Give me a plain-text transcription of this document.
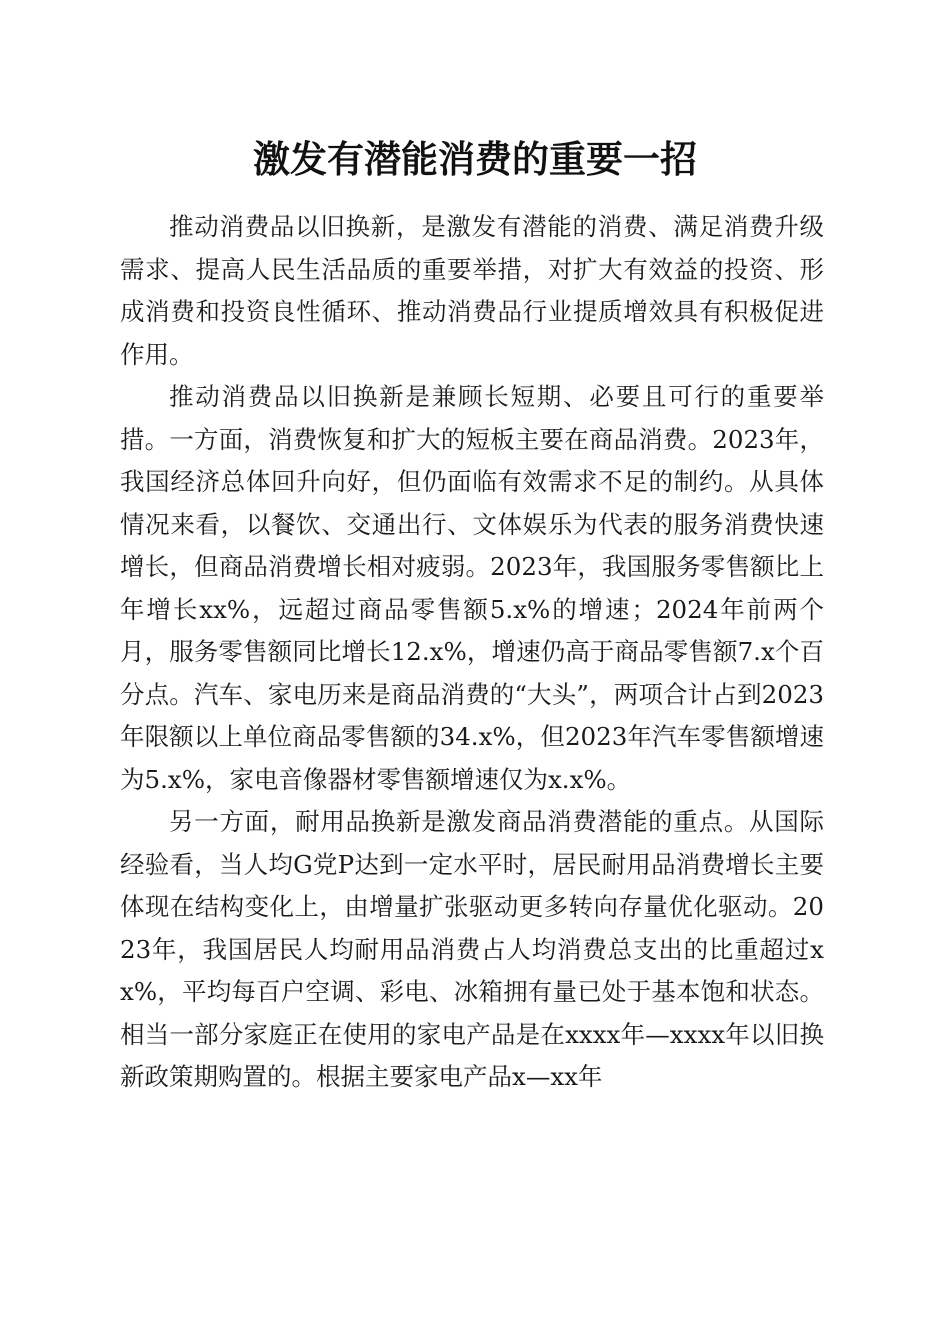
激发有潜能消费的重要一招

推动消费品以旧换新，是激发有潜能的消费、满足消费升级需求、提高人民生活品质的重要举措，对扩大有效益的投资、形成消费和投资良性循环、推动消费品行业提质增效具有积极促进作用。

推动消费品以旧换新是兼顾长短期、必要且可行的重要举措。一方面，消费恢复和扩大的短板主要在商品消费。2023年，我国经济总体回升向好，但仍面临有效需求不足的制约。从具体情况来看，以餐饮、交通出行、文体娱乐为代表的服务消费快速增长，但商品消费增长相对疲弱。2023年，我国服务零售额比上年增长xx%，远超过商品零售额5.x%的增速；2024年前两个月，服务零售额同比增长12.x%，增速仍高于商品零售额7.x个百分点。汽车、家电历来是商品消费的“大头”，两项合计占到2023年限额以上单位商品零售额的34.x%，但2023年汽车零售额增速为5.x%，家电音像器材零售额增速仅为x.x%。

另一方面，耐用品换新是激发商品消费潜能的重点。从国际经验看，当人均G党P达到一定水平时，居民耐用品消费增长主要体现在结构变化上，由增量扩张驱动更多转向存量优化驱动。2023年，我国居民人均耐用品消费占人均消费总支出的比重超过xx%，平均每百户空调、彩电、冰箱拥有量已处于基本饱和状态。相当一部分家庭正在使用的家电产品是在xxxx年—xxxx年以旧换新政策期购置的。根据主要家电产品x—xx年
